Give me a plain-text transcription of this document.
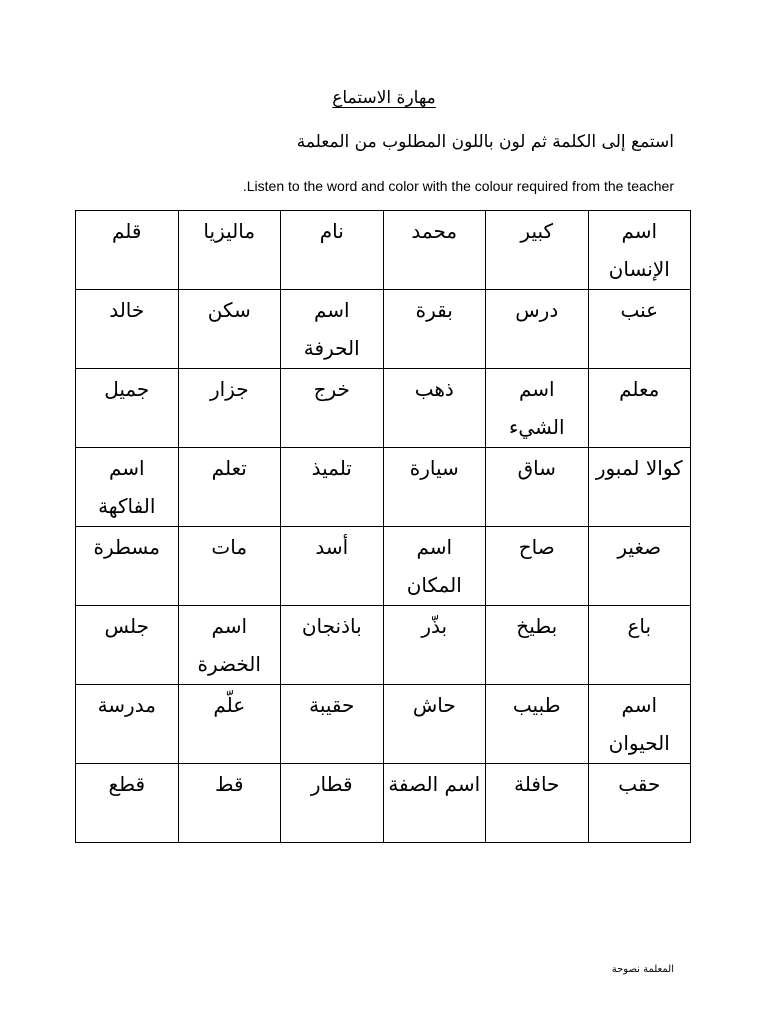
مهارة الاستماع
استمع إلى الكلمة ثم لون باللون المطلوب من المعلمة
.Listen to the word and color with the colour required from the teacher
اسم الإنسان	كبير	محمد	نام	ماليزيا	قلم
عنب	درس	بقرة	اسم الحرفة	سكن	خالد
معلم	اسم الشيء	ذهب	خرج	جزار	جميل
كوالا لمبور	ساق	سيارة	تلميذ	تعلم	اسم الفاكهة
صغير	صاح	اسم المكان	أسد	مات	مسطرة
باع	بطيخ	بذّر	باذنجان	اسم الخضرة	جلس
اسم الحيوان	طبيب	حاش	حقيبة	علّم	مدرسة
حقب	حافلة	اسم الصفة	قطار	قط	قطع
المعلمة نصوحة
